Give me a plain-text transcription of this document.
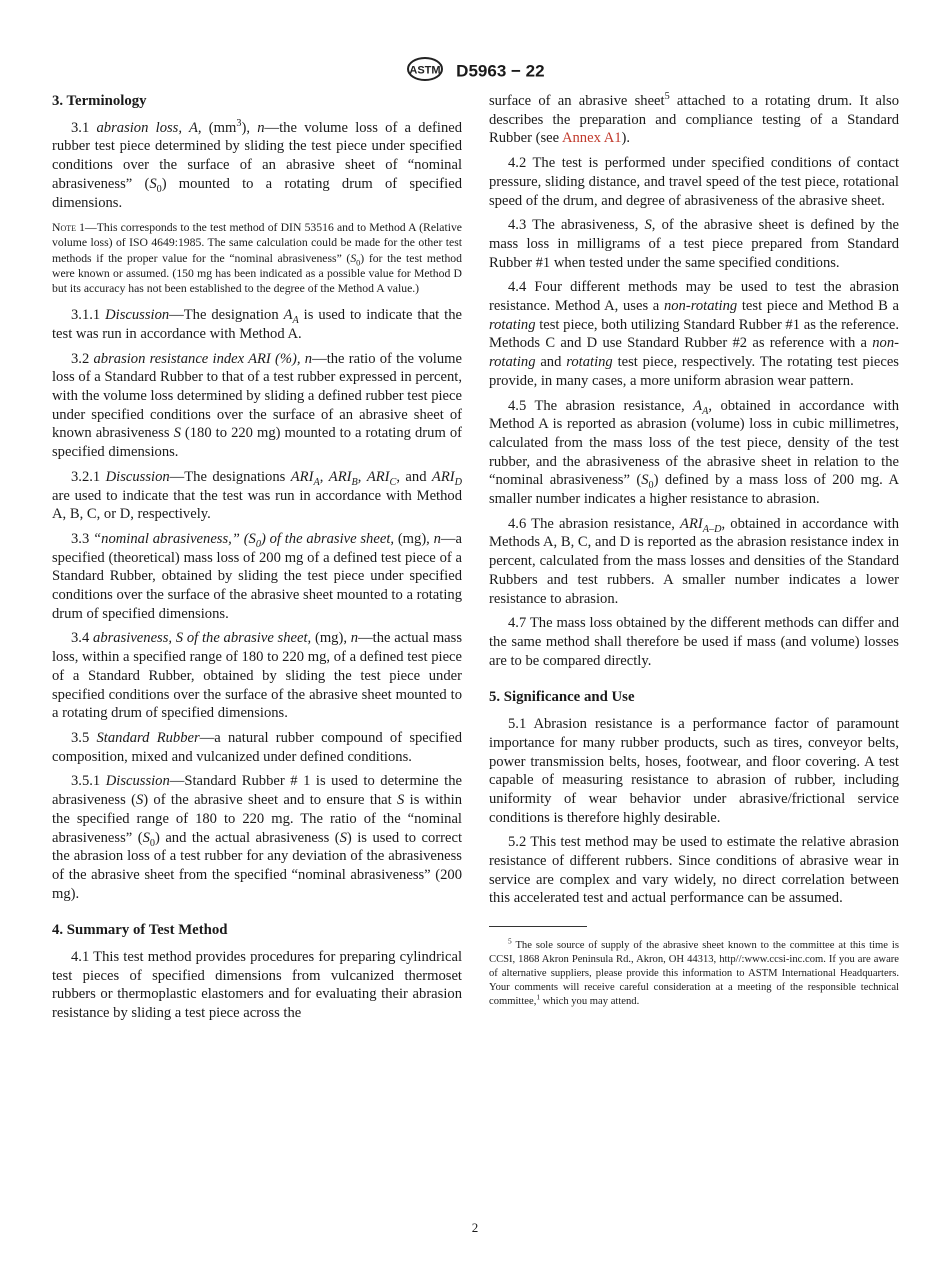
ASTM D5963 − 22
3. Terminology

3.1 abrasion loss, A, $(mm^3)$, n—the volume loss of a defined rubber test piece determined by sliding the test piece under specified conditions over the surface of an abrasive sheet of “nominal abrasiveness” $(S_0)$ mounted to a rotating drum of specified dimensions.

Note 1—This corresponds to the test method of DIN 53516 and to Method A (Relative volume loss) of ISO 4649:1985. The same calculation could be made for the other test methods if the proper value for the “nominal abrasiveness” $(S_0)$ for the test method were known or assumed. (150 mg has been indicated as a possible value for Method D but its accuracy has not been established to the degree of the Method A value.)

3.1.1 Discussion—The designation $A_A$ is used to indicate that the test was run in accordance with Method A.

3.2 abrasion resistance index ARI (%), n—the ratio of the volume loss of a Standard Rubber to that of a test rubber expressed in percent, with the volume loss determined by sliding a defined rubber test piece under specified conditions over the surface of an abrasive sheet of known abrasiveness S (180 to 220 mg) mounted to a rotating drum of specified dimensions.

3.2.1 Discussion—The designations $ARI_A$, $ARI_B$, $ARI_C$, and $ARI_D$ are used to indicate that the test was run in accordance with Method A, B, C, or D, respectively.

3.3 “nominal abrasiveness,” $(S_0)$ of the abrasive sheet, (mg), n—a specified (theoretical) mass loss of 200 mg of a defined test piece of a Standard Rubber, obtained by sliding the test piece under specified conditions over the surface of the abrasive sheet mounted to a rotating drum of specified dimensions.

3.4 abrasiveness, S of the abrasive sheet, (mg), n—the actual mass loss, within a specified range of 180 to 220 mg, of a defined test piece of a Standard Rubber, obtained by sliding the test piece under specified conditions over the surface of the abrasive sheet mounted to a rotating drum of specified dimensions.

3.5 Standard Rubber—a natural rubber compound of specified composition, mixed and vulcanized under defined conditions.

3.5.1 Discussion—Standard Rubber # 1 is used to determine the abrasiveness (S) of the abrasive sheet and to ensure that S is within the specified range of 180 to 220 mg. The ratio of the “nominal abrasiveness” $(S_0)$ and the actual abrasiveness (S) is used to correct the abrasion loss of a test rubber for any deviation of the abrasiveness of the abrasive sheet from the specified “nominal abrasiveness” (200 mg).

4. Summary of Test Method

4.1 This test method provides procedures for preparing cylindrical test pieces of specified dimensions from vulcanized thermoset rubbers or thermoplastic elastomers and for evaluating their abrasion resistance by sliding a test piece across the

surface of an abrasive sheet$^5$ attached to a rotating drum. It also describes the preparation and compliance testing of a Standard Rubber (see Annex A1).

4.2 The test is performed under specified conditions of contact pressure, sliding distance, and travel speed of the test piece, rotational speed of the drum, and degree of abrasiveness of the abrasive sheet.

4.3 The abrasiveness, S, of the abrasive sheet is defined by the mass loss in milligrams of a test piece prepared from Standard Rubber #1 when tested under the same specified conditions.

4.4 Four different methods may be used to test the abrasion resistance. Method A, uses a non-rotating test piece and Method B a rotating test piece, both utilizing Standard Rubber #1 as the reference. Methods C and D use Standard Rubber #2 as reference with a non-rotating and rotating test piece, respectively. The rotating test pieces provide, in many cases, a more uniform abrasion wear pattern.

4.5 The abrasion resistance, $A_A$, obtained in accordance with Method A is reported as abrasion (volume) loss in cubic millimetres, calculated from the mass loss of the test piece, density of the test rubber, and the abrasiveness of the abrasive sheet in relation to the “nominal abrasiveness” $(S_0)$ defined by a mass loss of 200 mg. A smaller number indicates a higher resistance to abrasion.

4.6 The abrasion resistance, $ARI_{A-D}$, obtained in accordance with Methods A, B, C, and D is reported as the abrasion resistance index in percent, calculated from the mass losses and densities of the Standard Rubbers and test rubbers. A smaller number indicates a lower resistance to abrasion.

4.7 The mass loss obtained by the different methods can differ and the same method shall therefore be used if mass (and volume) losses are to be compared directly.

5. Significance and Use

5.1 Abrasion resistance is a performance factor of paramount importance for many rubber products, such as tires, conveyor belts, power transmission belts, hoses, footwear, and floor covering. A test capable of measuring resistance to abrasion of rubber, including uniformity of wear behavior under abrasive/frictional service conditions is therefore highly desirable.

5.2 This test method may be used to estimate the relative abrasion resistance of different rubbers. Since conditions of abrasive wear in service are complex and vary widely, no direct correlation between this accelerated test and actual performance can be assumed.

$^5$ The sole source of supply of the abrasive sheet known to the committee at this time is CCSI, 1868 Akron Peninsula Rd., Akron, OH 44313, http//:www.ccsi-inc.com. If you are aware of alternative suppliers, please provide this information to ASTM International Headquarters. Your comments will receive careful consideration at a meeting of the responsible technical committee,$^1$ which you may attend.

2
